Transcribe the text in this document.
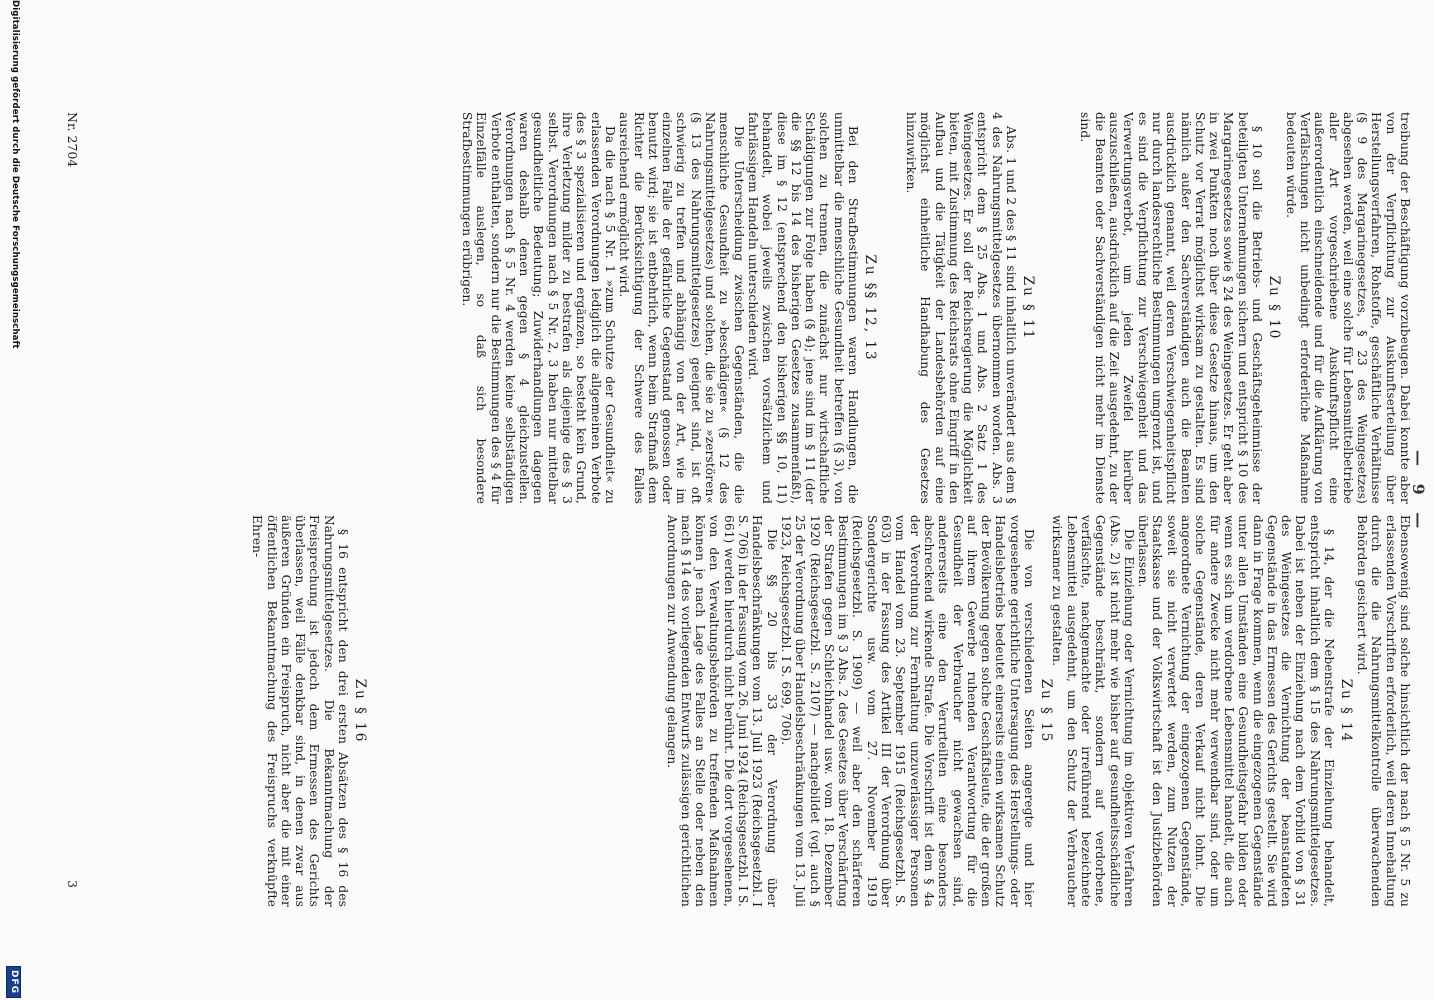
— 9 —

treibung der Beschäftigung vorzubeugen. Dabei konnte aber von der Verpflichtung zur Auskunftserteilung über Herstellungsverfahren, Rohstoffe, geschäftliche Verhältnisse (§ 9 des Margarinegesetzes, § 23 des Weingesetzes) abgesehen werden, weil eine solche für Lebensmittelbetriebe aller Art vorgeschriebene Auskunftspflicht eine außerordentlich einschneidende und für die Aufklärung von Verfälschungen nicht unbedingt erforderliche Maßnahme bedeuten würde.

Zu § 10

§ 10 soll die Betriebs- und Geschäftsgeheimnisse der beteiligten Unternehmungen sichern und entspricht § 10 des Margarinegesetzes sowie § 24 des Weingesetzes. Er geht aber in zwei Punkten noch über diese Gesetze hinaus, um den Schutz vor Verrat möglichst wirksam zu gestalten. Es sind nämlich außer den Sachverständigen auch die Beamten ausdrücklich genannt, weil deren Verschwiegenheitspflicht nur durch landesrechtliche Bestimmungen umgrenzt ist, und es sind die Verpflichtung zur Verschwiegenheit und das Verwertungsverbot, um jeden Zweifel hierüber auszuschließen, ausdrücklich auf die Zeit ausgedehnt, zu der die Beamten oder Sachverständigen nicht mehr im Dienste sind.

Zu § 11

Abs. 1 und 2 des § 11 sind inhaltlich unverändert aus dem § 4 des Nahrungsmittelgesetzes übernommen worden. Abs. 3 entspricht dem § 25 Abs. 1 und Abs. 2 Satz 1 des Weingesetzes. Er soll der Reichsregierung die Möglichkeit bieten, mit Zustimmung des Reichsrats ohne Eingriff in den Aufbau und die Tätigkeit der Landesbehörden auf eine möglichst einheitliche Handhabung des Gesetzes hinzuwirken.

Zu §§ 12, 13

Bei den Strafbestimmungen waren Handlungen, die unmittelbar die menschliche Gesundheit betreffen (§ 3), von solchen zu trennen, die zunächst nur wirtschaftliche Schädigungen zur Folge haben (§ 4); jene sind im § 11 (der die §§ 12 bis 14 des bisherigen Gesetzes zusammenfaßt), diese im § 12 (entsprechend den bisherigen §§ 10, 11) behandelt, wobei jeweils zwischen vorsätzlichem und fahrlässigem Handeln unterschieden wird.

Die Unterscheidung zwischen Gegenständen, die die menschliche Gesundheit zu »beschädigen« (§ 12 des Nahrungsmittelgesetzes) und solchen, die sie zu »zerstören« (§ 13 des Nahrungsmittelgesetzes) geeignet sind, ist oft schwierig zu treffen und abhängig von der Art, wie im einzelnen Falle der gefährliche Gegenstand genossen oder benutzt wird; sie ist entbehrlich, wenn beim Strafmaß dem Richter die Berücksichtigung der Schwere des Falles ausreichend ermöglicht wird.

Da die nach § 5 Nr. 1 »zum Schutze der Gesundheit« zu erlassenden Verordnungen lediglich die allgemeinen Verbote des § 3 spezialisieren und ergänzen, so besteht kein Grund, ihre Verletzung milder zu bestrafen als diejenige des § 3 selbst. Verordnungen nach § 5 Nr. 2, 3 haben nur mittelbar gesundheitliche Bedeutung; Zuwiderhandlungen dagegen waren deshalb denen gegen § 4 gleichzustellen. Verordnungen nach § 5 Nr. 4 werden keine selbständigen Verbote enthalten, sondern nur die Bestimmungen des § 4 für Einzelfälle auslegen, so daß sich besondere Strafbestimmungen erübrigen.

Nr. 2704

Ebensowenig sind solche hinsichtlich der nach § 5 Nr. 5 zu erlassenden Vorschriften erforderlich, weil deren Innehaltung durch die die Nahrungsmittelkontrolle überwachenden Behörden gesichert wird.

Zu § 14

§ 14, der die Nebenstrafe der Einziehung behandelt, entspricht inhaltlich dem § 15 des Nahrungsmittelgesetzes. Dabei ist neben der Einziehung nach dem Vorbild von § 31 des Weingesetzes die Vernichtung der beanstandeten Gegenstände in das Ermessen des Gerichts gestellt. Sie wird dann in Frage kommen, wenn die eingezogenen Gegenstände unter allen Umständen eine Gesundheitsgefahr bilden oder wenn es sich um verdorbene Lebensmittel handelt, die auch für andere Zwecke nicht mehr verwendbar sind, oder um solche Gegenstände, deren Verkauf nicht lohnt. Die angeordnete Vernichtung der eingezogenen Gegenstände, soweit sie nicht verwertet werden, zum Nutzen der Staatskasse und der Volkswirtschaft ist den Justizbehörden überlassen.

Die Einziehung oder Vernichtung im objektiven Verfahren (Abs. 2) ist nicht mehr wie bisher auf gesundheitsschädliche Gegenstände beschränkt, sondern auf verdorbene, verfälschte, nachgemachte oder irreführend bezeichnete Lebensmittel ausgedehnt, um den Schutz der Verbraucher wirksamer zu gestalten.

Zu § 15

Die von verschiedenen Seiten angeregte und hier vorgesehene gerichtliche Untersagung des Herstellungs- oder Handelsbetriebs bedeutet einerseits einen wirksamen Schutz der Bevölkerung gegen solche Geschäftsleute, die der großen auf ihrem Gewerbe ruhenden Verantwortung für die Gesundheit der Verbraucher nicht gewachsen sind, andererseits eine den Verurteilten eine besonders abschreckend wirkende Strafe. Die Vorschrift ist dem § 4a der Verordnung zur Fernhaltung unzuverlässiger Personen vom Handel vom 23. September 1915 (Reichsgesetzbl. S. 603) in der Fassung des Artikel III der Verordnung über Sondergerichte usw. vom 27. November 1919 (Reichsgesetzbl. S. 1909) — weil aber den schärferen Bestimmungen im § 3 Abs. 2 des Gesetzes über Verschärfung der Strafen gegen Schleichhandel usw. vom 18. Dezember 1920 (Reichsgesetzbl. S. 2107) — nachgebildet (vgl. auch § 25 der Verordnung über Handelsbeschränkungen vom 13. Juli 1923, Reichsgesetzbl. I S. 699, 706).

Die §§ 20 bis 33 der Verordnung über Handelsbeschränkungen vom 13. Juli 1923 (Reichsgesetzbl. I S. 706) in der Fassung vom 26. Juni 1924 (Reichsgesetzbl. I S. 661) werden hierdurch nicht berührt. Die dort vorgesehenen, von den Verwaltungsbehörden zu treffenden Maßnahmen können je nach Lage des Falles an Stelle oder neben den nach § 14 des vorliegenden Entwurfs zulässigen gerichtlichen Anordnungen zur Anwendung gelangen.

Zu § 16

§ 16 entspricht den drei ersten Absätzen des § 16 des Nahrungsmittelgesetzes. Die Bekanntmachung der Freisprechung ist jedoch dem Ermessen des Gerichts überlassen, weil Fälle denkbar sind, in denen zwar aus äußeren Gründen ein Freispruch, nicht aber die mit einer öffentlichen Bekanntmachung des Freispruchs verknüpfte Ehren-

3
Digitalisierung gefördert durch die Deutsche Forschungsgemeinschaft
DFG
